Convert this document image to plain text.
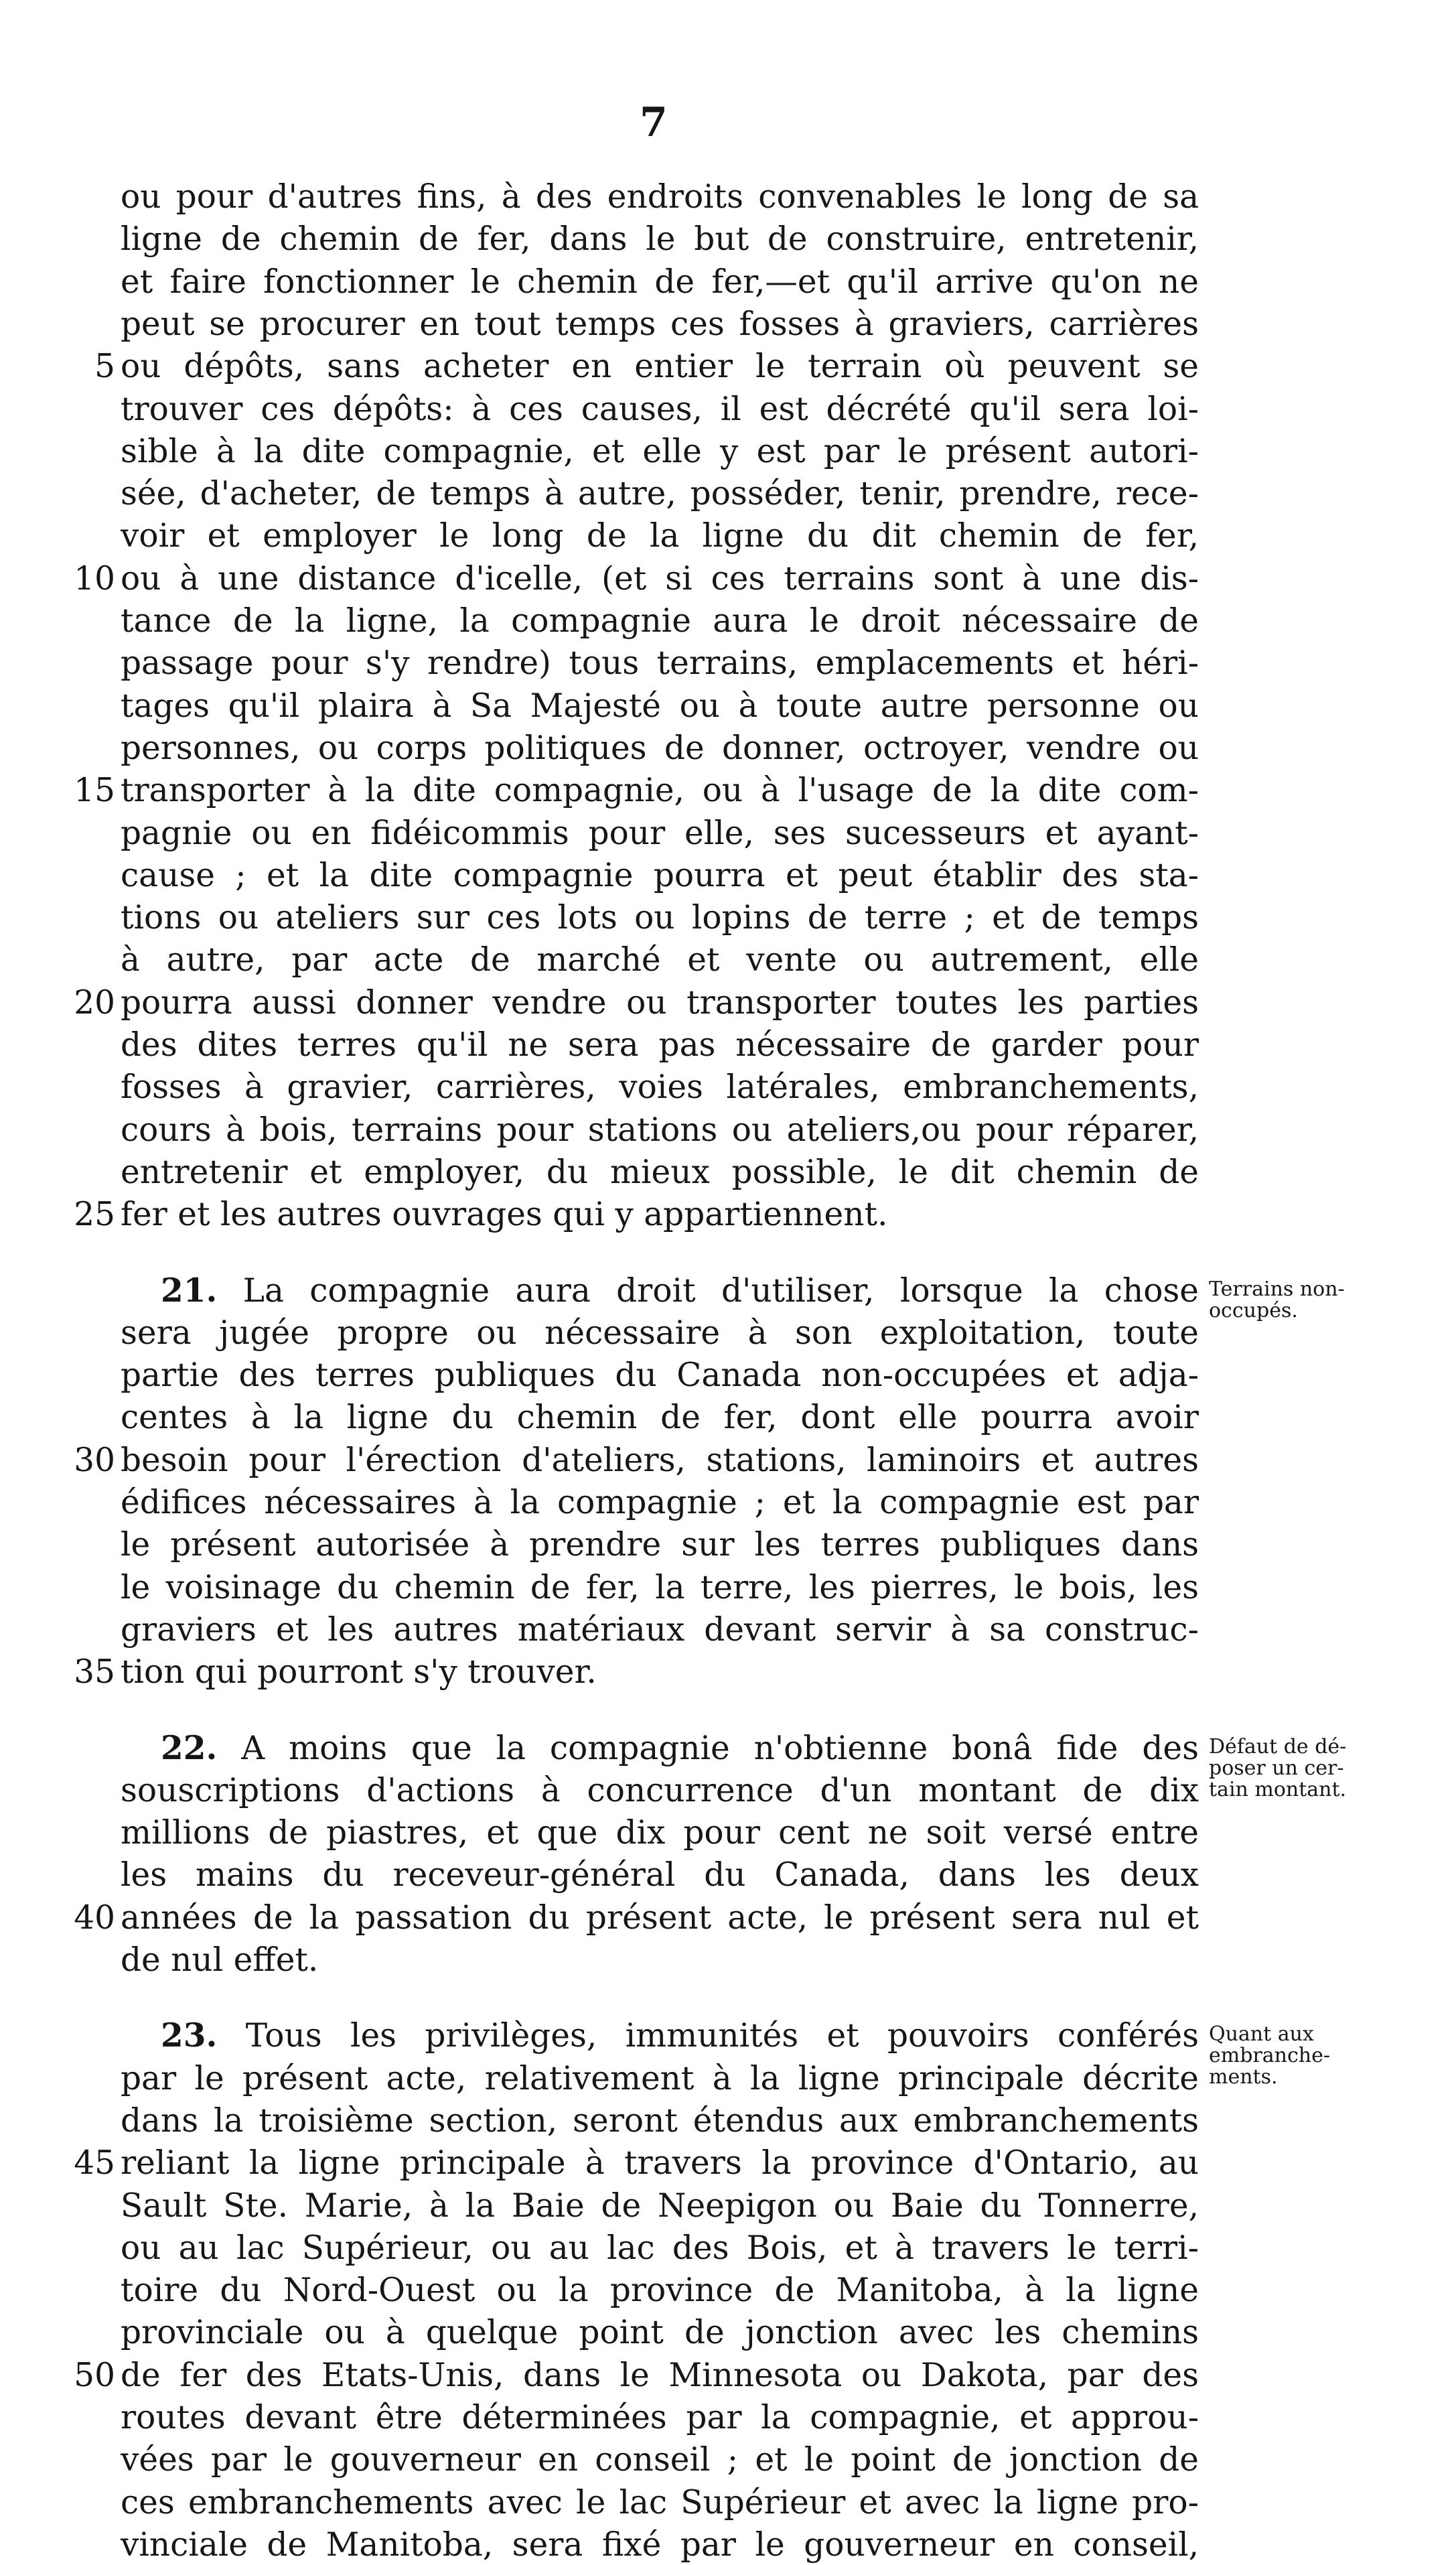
7
ou pour d'autres fins, à des endroits convenables le long de sa
ligne de chemin de fer, dans le but de construire, entretenir,
et faire fonctionner le chemin de fer,—et qu'il arrive qu'on ne
peut se procurer en tout temps ces fosses à graviers, carrières
ou dépôts, sans acheter en entier le terrain où peuvent se
5
trouver ces dépôts: à ces causes, il est décrété qu'il sera loi-
sible à la dite compagnie, et elle y est par le présent autori-
sée, d'acheter, de temps à autre, posséder, tenir, prendre, rece-
voir et employer le long de la ligne du dit chemin de fer,
ou à une distance d'icelle, (et si ces terrains sont à une dis-
10
tance de la ligne, la compagnie aura le droit nécessaire de
passage pour s'y rendre) tous terrains, emplacements et héri-
tages qu'il plaira à Sa Majesté ou à toute autre personne ou
personnes, ou corps politiques de donner, octroyer, vendre ou
transporter à la dite compagnie, ou à l'usage de la dite com-
15
pagnie ou en fidéicommis pour elle, ses sucesseurs et ayant-
cause ; et la dite compagnie pourra et peut établir des sta-
tions ou ateliers sur ces lots ou lopins de terre ; et de temps
à autre, par acte de marché et vente ou autrement, elle
pourra aussi donner vendre ou transporter toutes les parties
20
des dites terres qu'il ne sera pas nécessaire de garder pour
fosses à gravier, carrières, voies latérales, embranchements,
cours à bois, terrains pour stations ou ateliers,ou pour réparer,
entretenir et employer, du mieux possible, le dit chemin de
fer et les autres ouvrages qui y appartiennent.
25
21. La compagnie aura droit d'utiliser, lorsque la chose
sera jugée propre ou nécessaire à son exploitation, toute
partie des terres publiques du Canada non-occupées et adja-
centes à la ligne du chemin de fer, dont elle pourra avoir
besoin pour l'érection d'ateliers, stations, laminoirs et autres
30
édifices nécessaires à la compagnie ; et la compagnie est par
le présent autorisée à prendre sur les terres publiques dans
le voisinage du chemin de fer, la terre, les pierres, le bois, les
graviers et les autres matériaux devant servir à sa construc-
tion qui pourront s'y trouver.
35
22. A moins que la compagnie n'obtienne bonâ fide des
souscriptions d'actions à concurrence d'un montant de dix
millions de piastres, et que dix pour cent ne soit versé entre
les mains du receveur-général du Canada, dans les deux
années de la passation du présent acte, le présent sera nul et
40
de nul effet.
23. Tous les privilèges, immunités et pouvoirs conférés
par le présent acte, relativement à la ligne principale décrite
dans la troisième section, seront étendus aux embranchements
reliant la ligne principale à travers la province d'Ontario, au
45
Sault Ste. Marie, à la Baie de Neepigon ou Baie du Tonnerre,
ou au lac Supérieur, ou au lac des Bois, et à travers le terri-
toire du Nord-Ouest ou la province de Manitoba, à la ligne
provinciale ou à quelque point de jonction avec les chemins
de fer des Etats-Unis, dans le Minnesota ou Dakota, par des
50
routes devant être déterminées par la compagnie, et approu-
vées par le gouverneur en conseil ; et le point de jonction de
ces embranchements avec le lac Supérieur et avec la ligne pro-
vinciale de Manitoba, sera fixé par le gouverneur en conseil,
Terrains non-
occupés.
Défaut de dé-
poser un cer-
tain montant.
Quant aux
embranche-
ments.
